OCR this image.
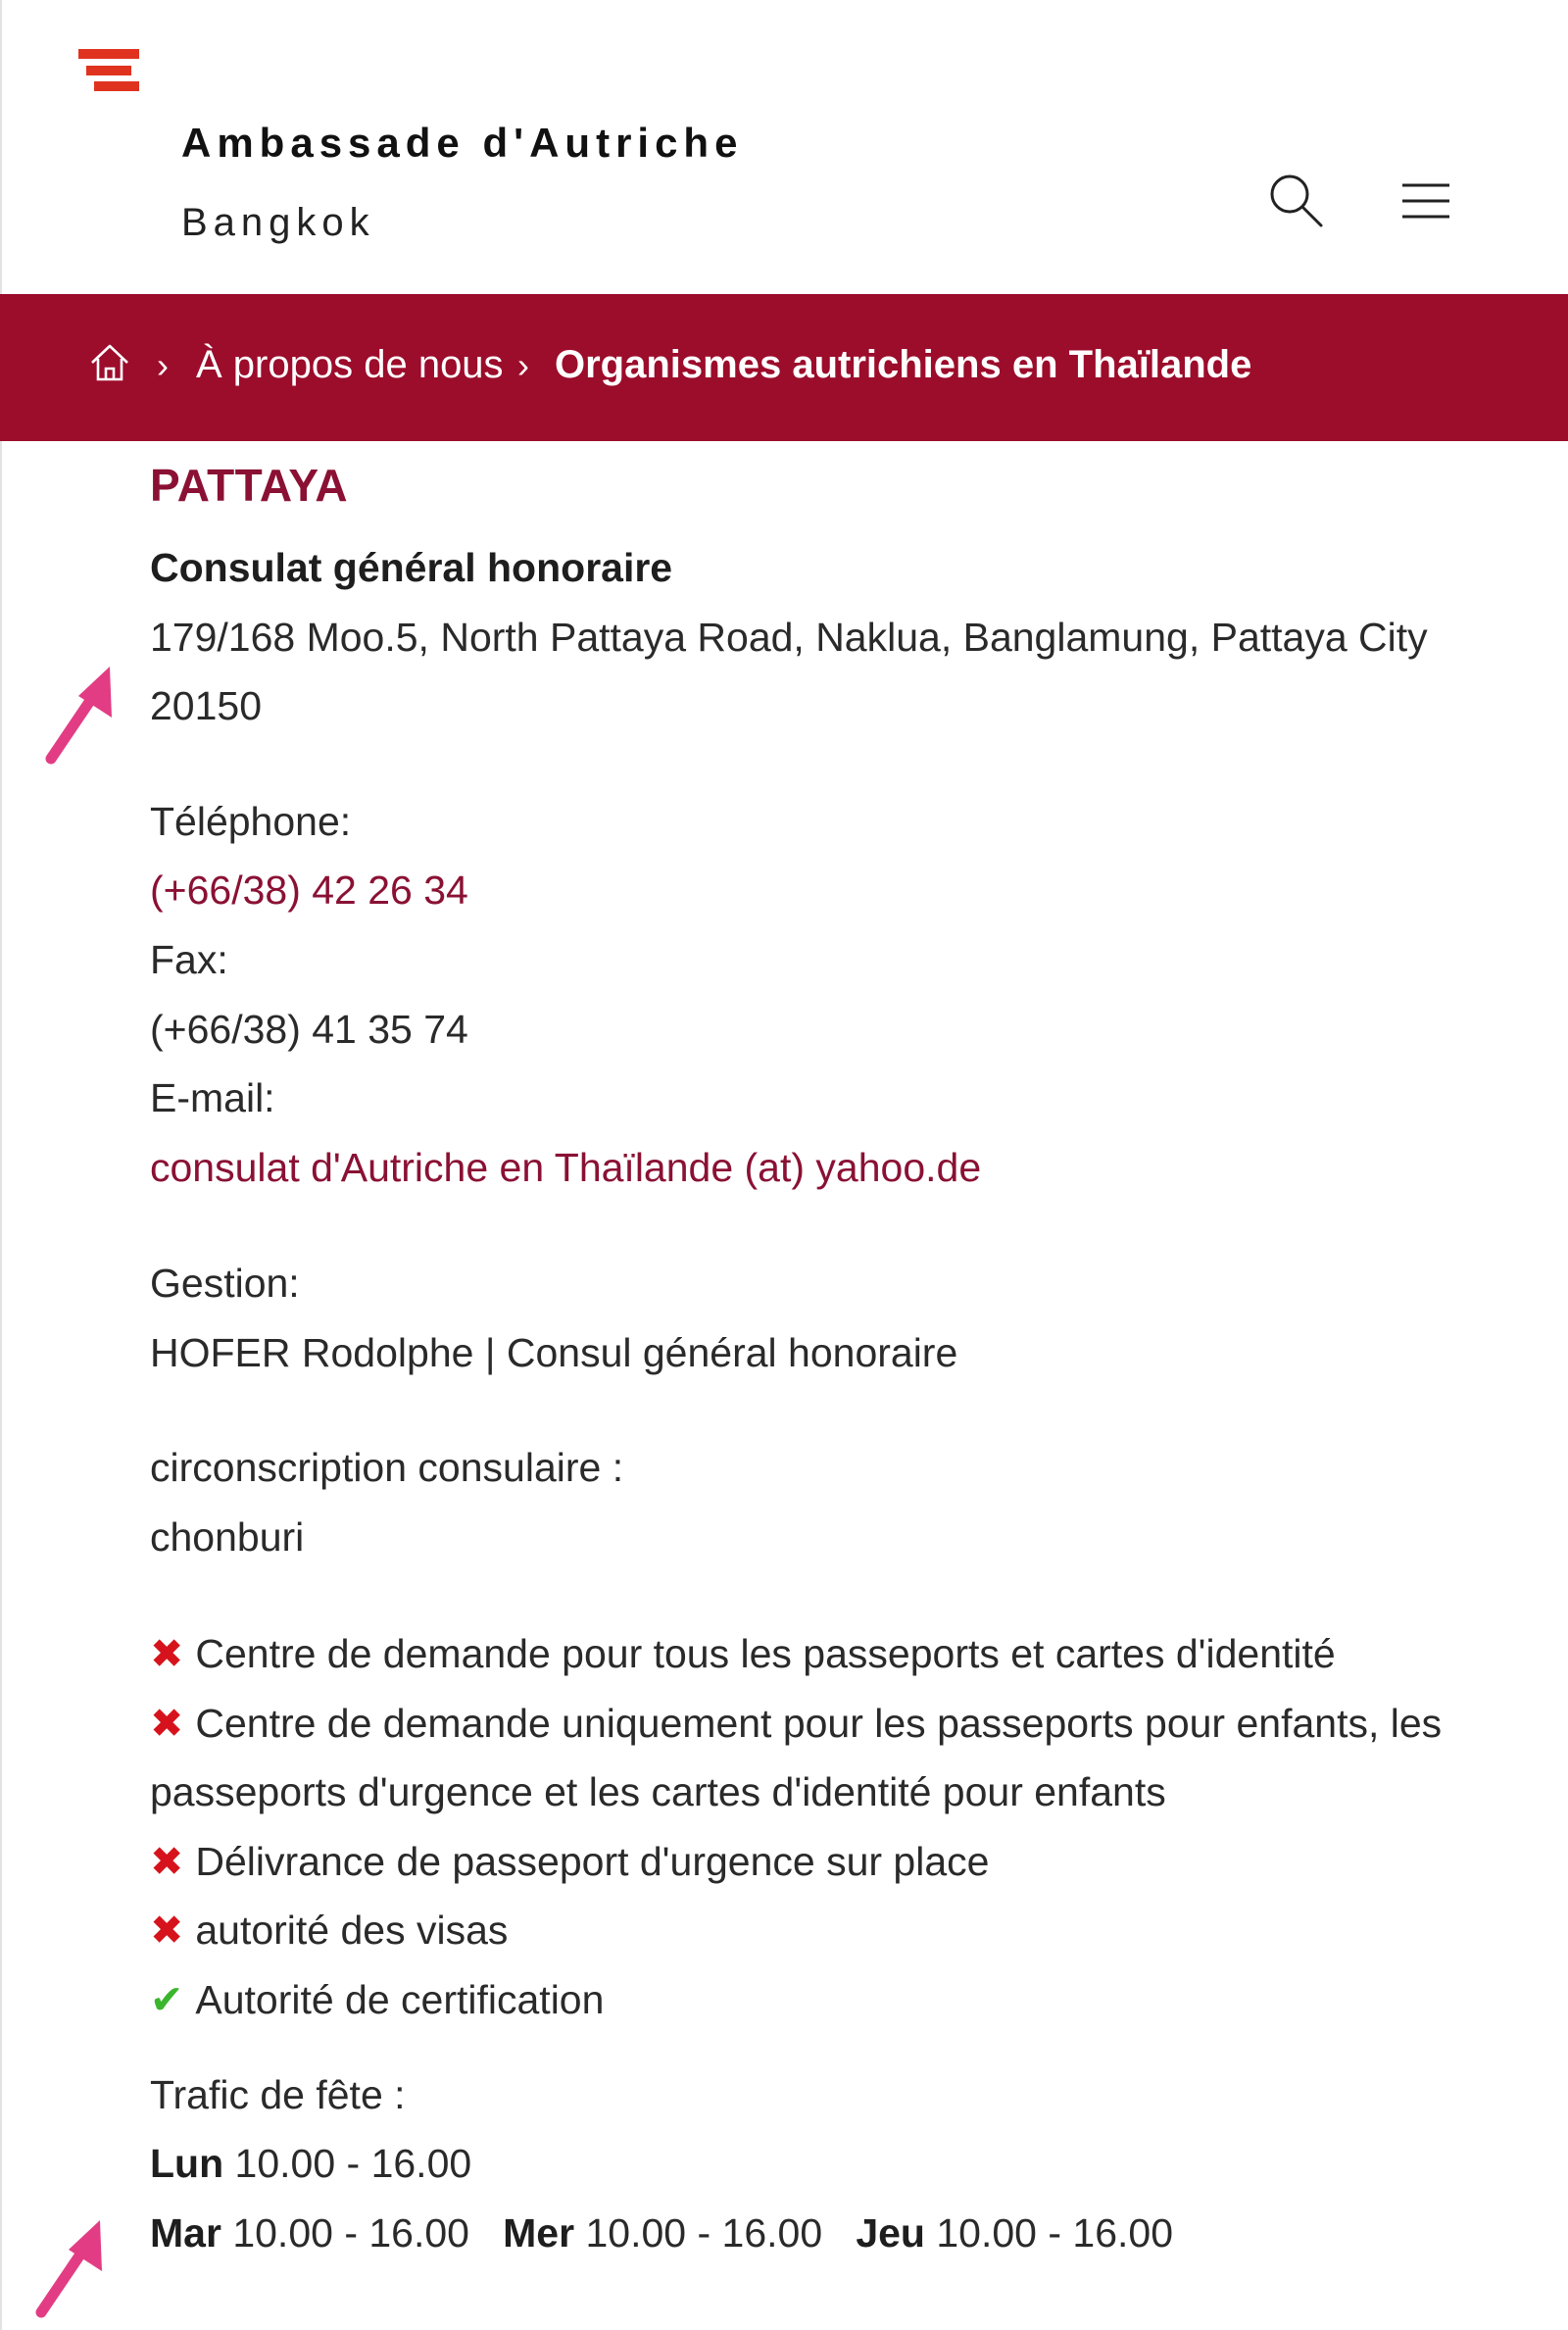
Ambassade d'Autriche
Bangkok
› À propos de nous › Organismes autrichiens en Thaïlande
PATTAYA
Consulat général honoraire
179/168 Moo.5, North Pattaya Road, Naklua, Banglamung, Pattaya City
20150
Téléphone:
(+66/38) 42 26 34
Fax:
(+66/38) 41 35 74
E-mail:
consulat d'Autriche en Thaïlande (at) yahoo.de
Gestion:
HOFER Rodolphe | Consul général honoraire
circonscription consulaire :
chonburi
✖ Centre de demande pour tous les passeports et cartes d'identité
✖ Centre de demande uniquement pour les passeports pour enfants, les
passeports d'urgence et les cartes d'identité pour enfants
✖ Délivrance de passeport d'urgence sur place
✖ autorité des visas
✔ Autorité de certification
Trafic de fête :
Lun 10.00 - 16.00
Mar 10.00 - 16.00 Mer 10.00 - 16.00 Jeu 10.00 - 16.00
